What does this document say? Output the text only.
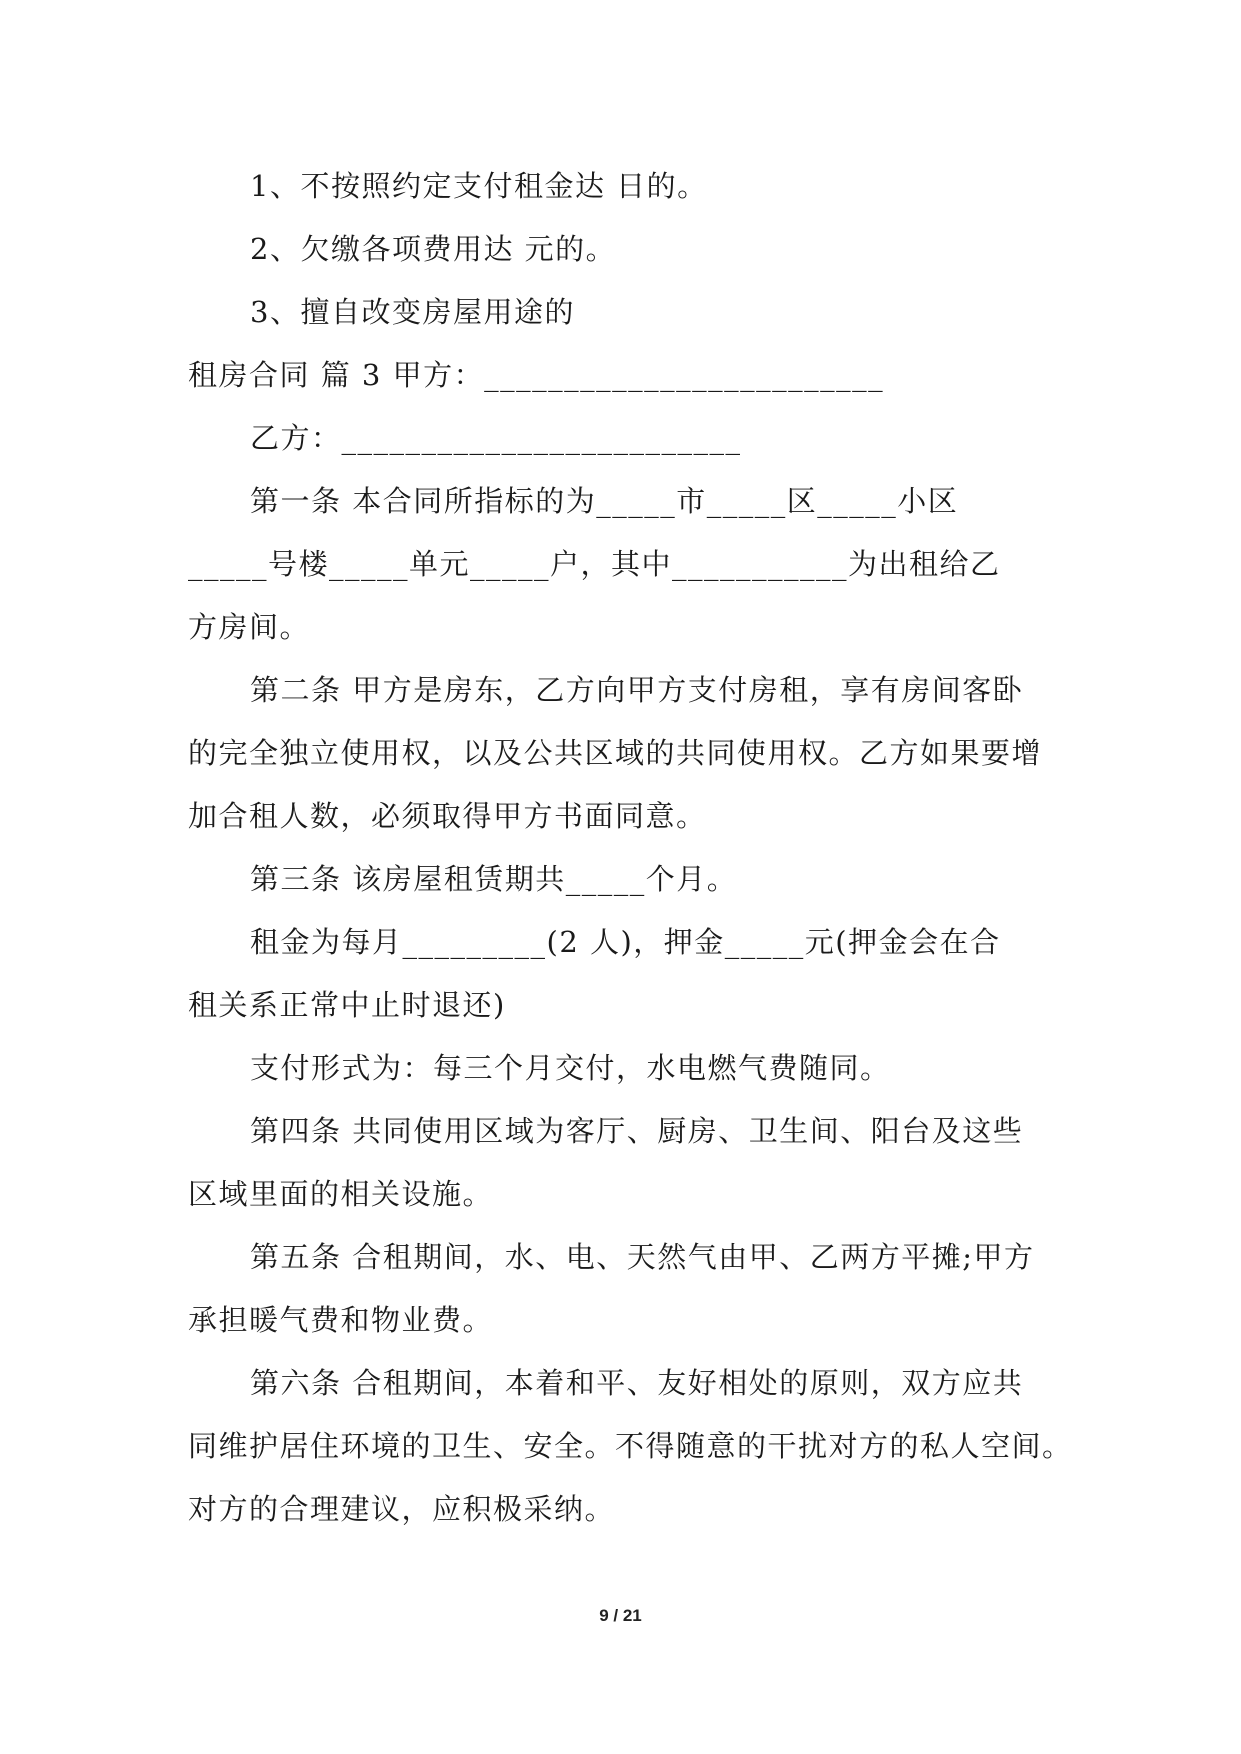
1、不按照约定支付租金达 日的。
2、欠缴各项费用达 元的。
3、擅自改变房屋用途的
租房合同 篇 3 甲方：_________________________
乙方：_________________________
第一条 本合同所指标的为_____市_____区_____小区
_____号楼_____单元_____户，其中___________为出租给乙
方房间。
第二条 甲方是房东，乙方向甲方支付房租，享有房间客卧
的完全独立使用权，以及公共区域的共同使用权。乙方如果要增
加合租人数，必须取得甲方书面同意。
第三条 该房屋租赁期共_____个月。
租金为每月_________(2 人)，押金_____元(押金会在合
租关系正常中止时退还)
支付形式为：每三个月交付，水电燃气费随同。
第四条 共同使用区域为客厅、厨房、卫生间、阳台及这些
区域里面的相关设施。
第五条 合租期间，水、电、天然气由甲、乙两方平摊;甲方
承担暖气费和物业费。
第六条 合租期间，本着和平、友好相处的原则，双方应共
同维护居住环境的卫生、安全。不得随意的干扰对方的私人空间。
对方的合理建议，应积极采纳。
9 / 21
